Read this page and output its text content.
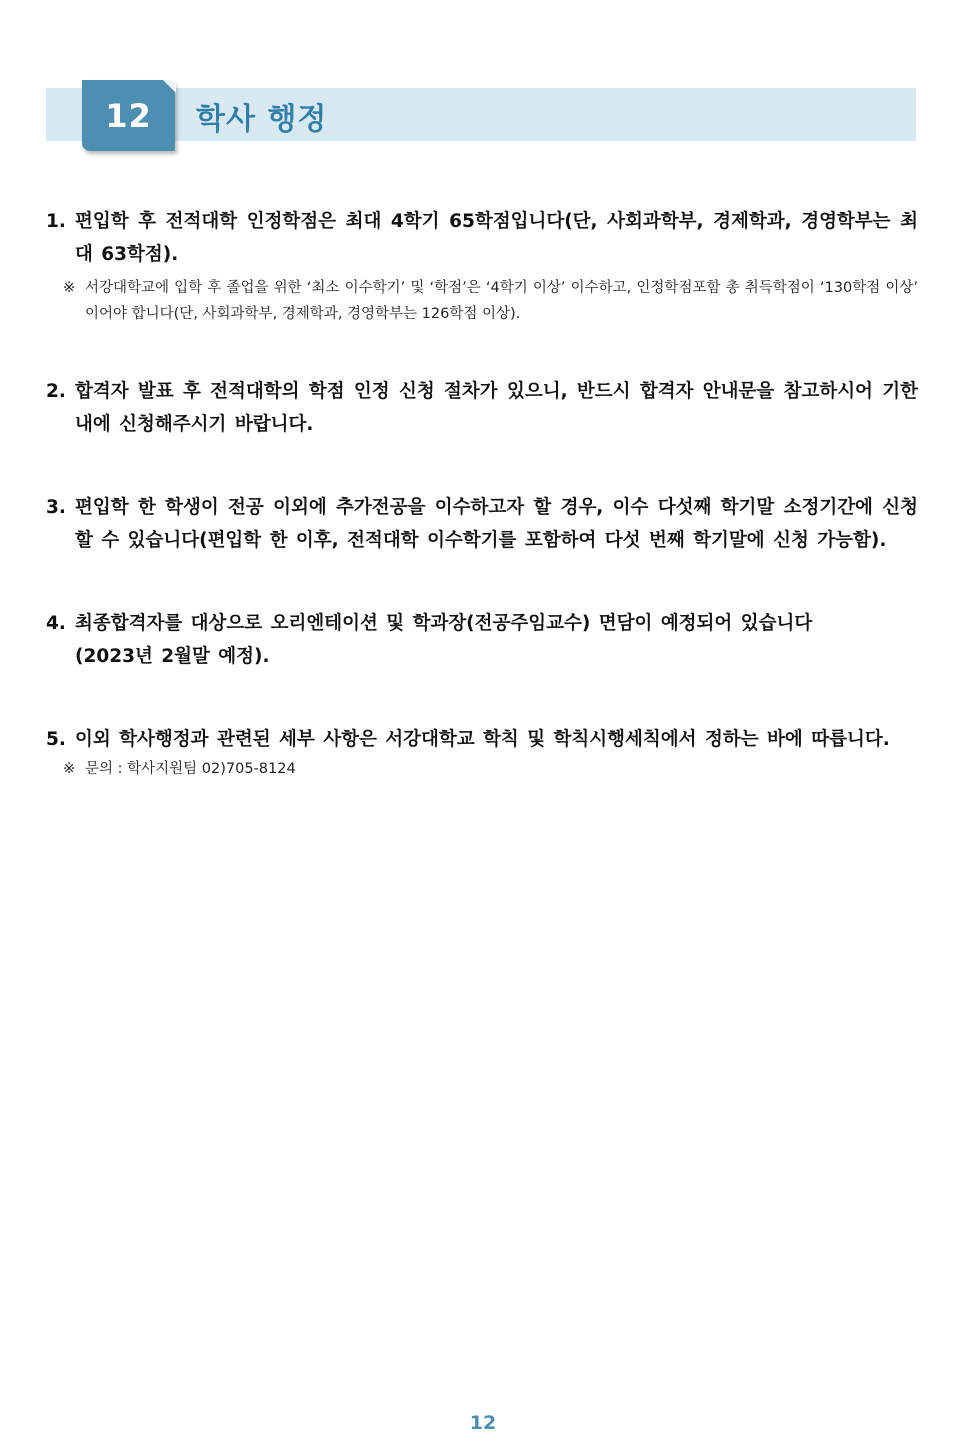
12 학사 행정
1. 편입학 후 전적대학 인정학점은 최대 4학기 65학점입니다(단, 사회과학부, 경제학과, 경영학부는 최대 63학점).
※ 서강대학교에 입학 후 졸업을 위한 ‘최소 이수학기’ 및 ‘학점’은 ‘4학기 이상’ 이수하고, 인정학점포함 총 취득학점이 ‘130학점 이상’ 이어야 합니다(단, 사회과학부, 경제학과, 경영학부는 126학점 이상).
2. 합격자 발표 후 전적대학의 학점 인정 신청 절차가 있으니, 반드시 합격자 안내문을 참고하시어 기한내에 신청해주시기 바랍니다.
3. 편입학 한 학생이 전공 이외에 추가전공을 이수하고자 할 경우, 이수 다섯째 학기말 소정기간에 신청 할 수 있습니다(편입학 한 이후, 전적대학 이수학기를 포함하여 다섯 번째 학기말에 신청 가능함).
4. 최종합격자를 대상으로 오리엔테이션 및 학과장(전공주임교수) 면담이 예정되어 있습니다
(2023년 2월말 예정).
5. 이외 학사행정과 관련된 세부 사항은 서강대학교 학칙 및 학칙시행세칙에서 정하는 바에 따릅니다.
※ 문의 : 학사지원팀 02)705-8124
12
